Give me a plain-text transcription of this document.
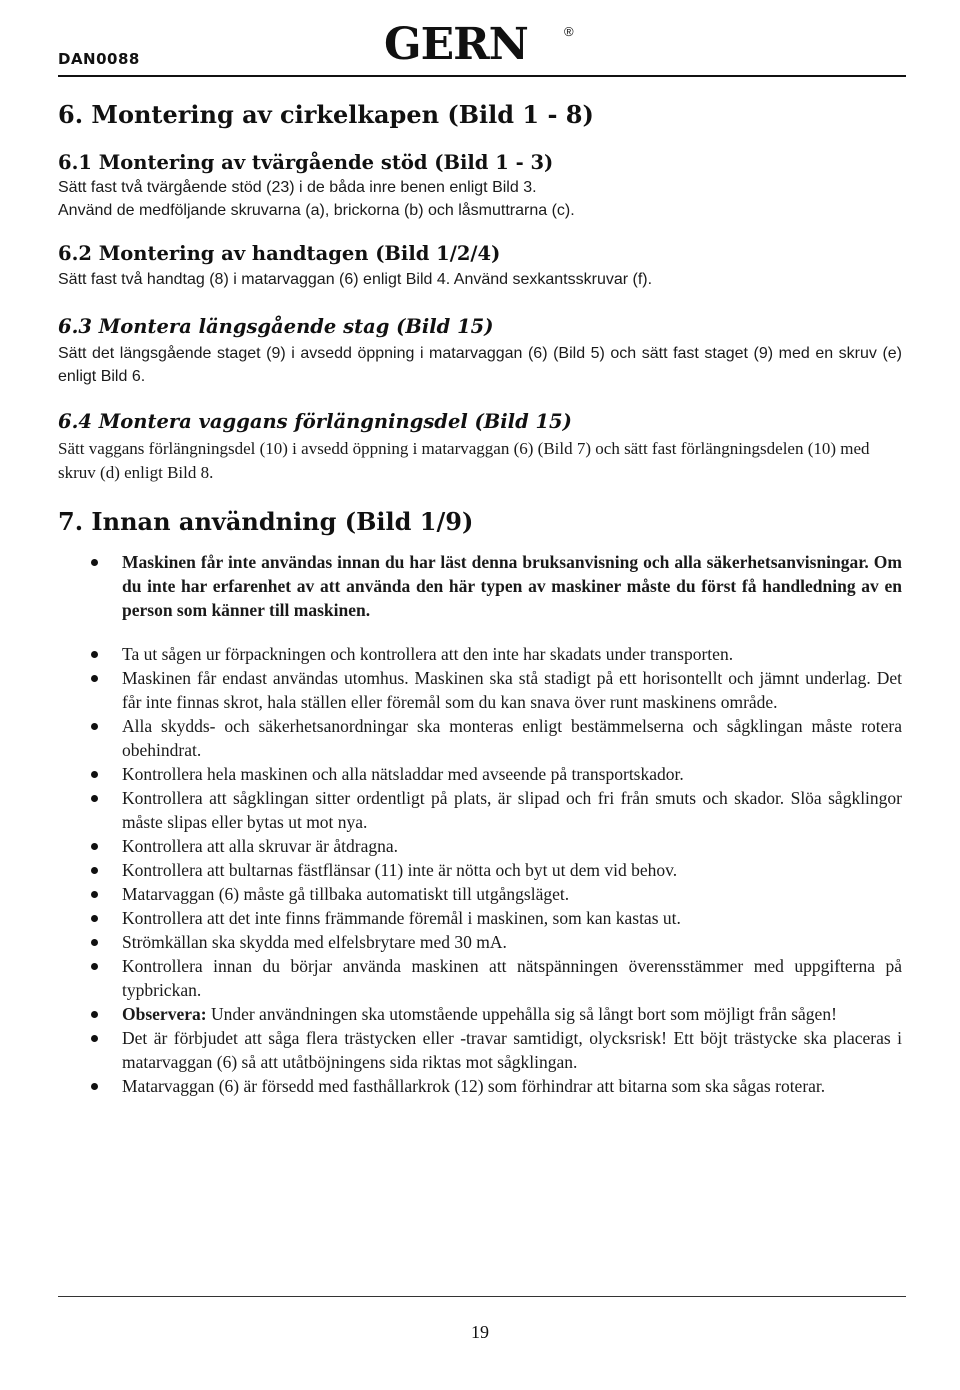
DAN0088	GERN	®
6. Montering av cirkelkapen (Bild 1 - 8)
6.1 Montering av tvärgående stöd (Bild 1 - 3)

Sätt fast två tvärgående stöd (23) i de båda inre benen enligt Bild 3.

Använd de medföljande skruvarna (a), brickorna (b) och låsmuttrarna (c).

6.2 Montering av handtagen (Bild 1/2/4)

Sätt fast två handtag (8) i matarvaggan (6) enligt Bild 4. Använd sexkantsskruvar (f).

6.3 Montera längsgående stag (Bild 15)

Sätt det längsgående staget (9) i avsedd öppning i matarvaggan (6) (Bild 5) och sätt fast staget (9) med en skruv (e) enligt Bild 6.

6.4 Montera vaggans förlängningsdel (Bild 15)

Sätt vaggans förlängningsdel (10) i avsedd öppning i matarvaggan (6) (Bild 7) och sätt fast förlängningsdelen (10) med skruv (d) enligt Bild 8.

7. Innan användning (Bild 1/9)
Maskinen får inte användas innan du har läst denna bruksanvisning och alla säkerhetsanvisningar. Om du inte har erfarenhet av att använda den här typen av maskiner måste du först få handledning av en person som känner till maskinen.
Ta ut sågen ur förpackningen och kontrollera att den inte har skadats under transporten.
Maskinen får endast användas utomhus. Maskinen ska stå stadigt på ett horisontellt och jämnt underlag. Det får inte finnas skrot, hala ställen eller föremål som du kan snava över runt maskinens område.
Alla skydds- och säkerhetsanordningar ska monteras enligt bestämmelserna och sågklingan måste rotera obehindrat.
Kontrollera hela maskinen och alla nätsladdar med avseende på transportskador.
Kontrollera att sågklingan sitter ordentligt på plats, är slipad och fri från smuts och skador. Slöa sågklingor måste slipas eller bytas ut mot nya.
Kontrollera att alla skruvar är åtdragna.
Kontrollera att bultarnas fästflänsar (11) inte är nötta och byt ut dem vid behov.
Matarvaggan (6) måste gå tillbaka automatiskt till utgångsläget.
Kontrollera att det inte finns främmande föremål i maskinen, som kan kastas ut.
Strömkällan ska skydda med elfelsbrytare med 30 mA.
Kontrollera innan du börjar använda maskinen att nätspänningen överensstämmer med uppgifterna på typbrickan.
Observera: Under användningen ska utomstående uppehålla sig så långt bort som möjligt från sågen!
Det är förbjudet att såga flera trästycken eller -travar samtidigt, olycksrisk! Ett böjt trästycke ska placeras i matarvaggan (6) så att utåtböjningens sida riktas mot sågklingan.
Matarvaggan (6) är försedd med fasthållarkrok (12) som förhindrar att bitarna som ska sågas roterar.
19
